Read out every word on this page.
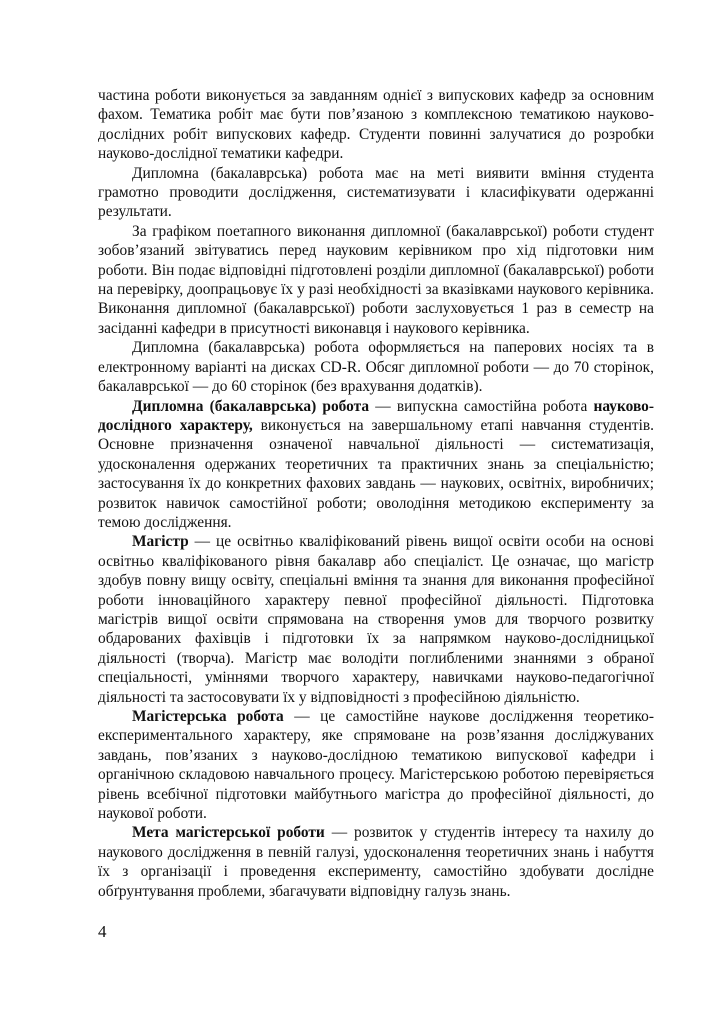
частина роботи виконується за завданням однієї з випускових кафедр за основним фахом. Тематика робіт має бути пов’язаною з комплексною тематикою науково-дослідних робіт випускових кафедр. Студенти повинні залучатися до розробки науково-дослідної тематики кафедри.

Дипломна (бакалаврська) робота має на меті виявити вміння студента грамотно проводити дослідження, систематизувати і класифікувати одержанні результати.

За графіком поетапного виконання дипломної (бакалаврської) роботи студент зобов’язаний звітуватись перед науковим керівником про хід підготовки ним роботи. Він подає відповідні підготовлені розділи дипломної (бакалаврської) роботи на перевірку, доопрацьовує їх у разі необхідності за вказівками наукового керівника. Виконання дипломної (бакалаврської) роботи заслуховується 1 раз в семестр на засіданні кафедри в присутності виконавця і наукового керівника.

Дипломна (бакалаврська) робота оформляється на паперових носіях та в електронному варіанті на дисках CD-R. Обсяг дипломної роботи — до 70 сторінок, бакалаврської — до 60 сторінок (без врахування додатків).

Дипломна (бакалаврська) робота — випускна самостійна робота науково-дослідного характеру, виконується на завершальному етапі навчання студентів. Основне призначення означеної навчальної діяльності — систематизація, удосконалення одержаних теоретичних та практичних знань за спеціальністю; застосування їх до конкретних фахових завдань — наукових, освітніх, виробничих; розвиток навичок самостійної роботи; оволодіння методикою експерименту за темою дослідження.

Магістр — це освітньо кваліфікований рівень вищої освіти особи на основі освітньо кваліфікованого рівня бакалавр або спеціаліст. Це означає, що магістр здобув повну вищу освіту, спеціальні вміння та знання для виконання професійної роботи інноваційного характеру певної професійної діяльності. Підготовка магістрів вищої освіти спрямована на створення умов для творчого розвитку обдарованих фахівців і підготовки їх за напрямком науково-дослідницької діяльності (творча). Магістр має володіти поглибленими знаннями з обраної спеціальності, уміннями творчого характеру, навичками науково-педагогічної діяльності та застосовувати їх у відповідності з професійною діяльністю.

Магістерська робота — це самостійне наукове дослідження теоретико-експериментального характеру, яке спрямоване на розв’язання досліджуваних завдань, пов’язаних з науково-дослідною тематикою випускової кафедри і органічною складовою навчального процесу. Магістерською роботою перевіряється рівень всебічної підготовки майбутнього магістра до професійної діяльності, до наукової роботи.

Мета магістерської роботи — розвиток у студентів інтересу та нахилу до наукового дослідження в певній галузі, удосконалення теоретичних знань і набуття їх з організації і проведення експерименту, самостійно здобувати дослідне обґрунтування проблеми, збагачувати відповідну галузь знань.

4
